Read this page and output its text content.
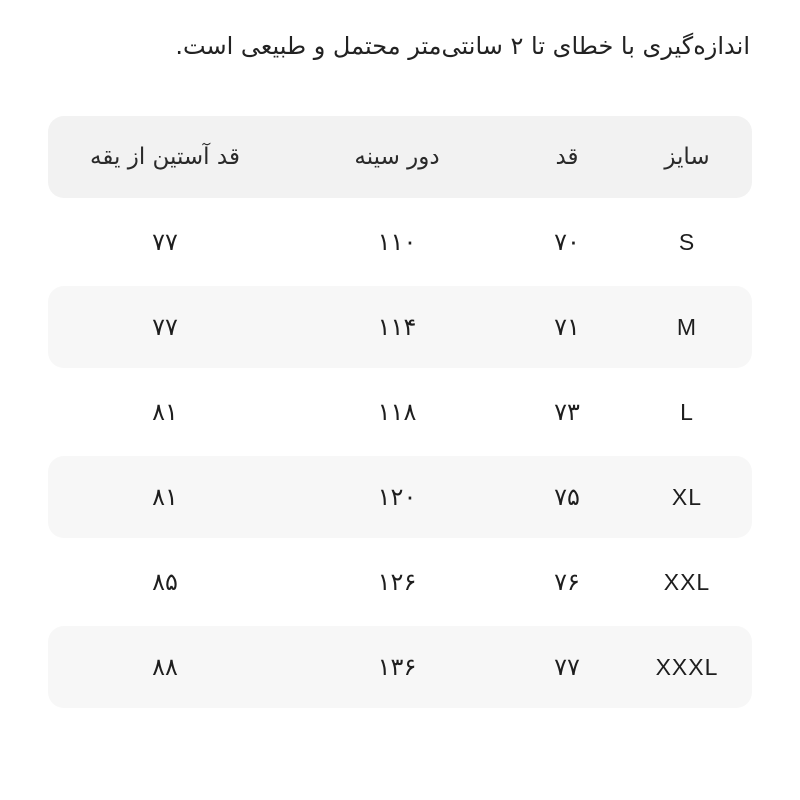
اندازه‌گیری با خطای تا ۲ سانتی‌متر محتمل و طبیعی است.
سایز
قد
دور سینه
قد آستین از یقه
S
۷۰
۱۱۰
۷۷
M
۷۱
۱۱۴
۷۷
L
۷۳
۱۱۸
۸۱
XL
۷۵
۱۲۰
۸۱
XXL
۷۶
۱۲۶
۸۵
XXXL
۷۷
۱۳۶
۸۸
